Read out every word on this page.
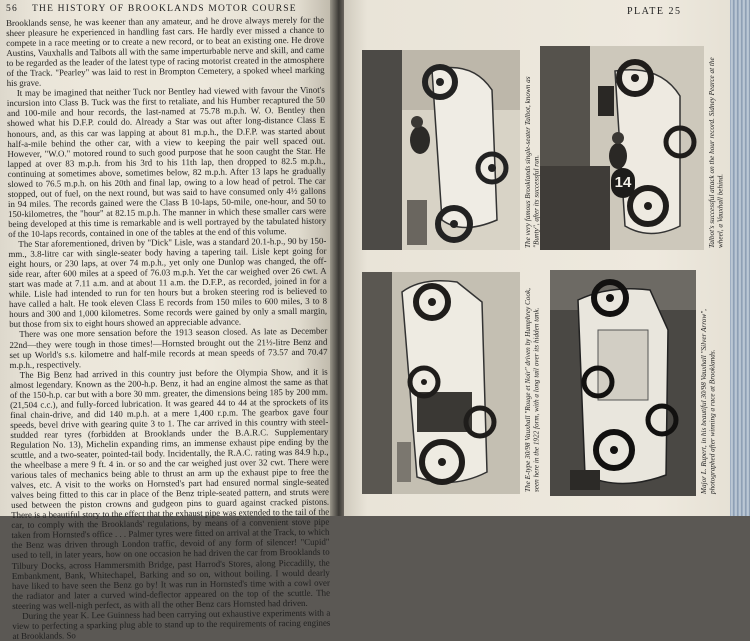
56 THE HISTORY OF BROOKLANDS MOTOR COURSE

Brooklands sense, he was keener than any amateur, and he drove always merely for the sheer pleasure he experienced in handling fast cars. He hardly ever missed a chance to compete in a race meeting or to create a new record, or to beat an existing one. He drove Austins, Vauxhalls and Talbots all with the same imperturbable nerve and skill, and came to be regarded as the leader of the latest type of racing motorist created in the atmosphere of the Track. "Pearley" was laid to rest in Brompton Cemetery, a spoked wheel marking his grave.

It may be imagined that neither Tuck nor Bentley had viewed with favour the Vinot's incursion into Class B. Tuck was the first to retaliate, and his Humber recaptured the 50 and 100-mile and hour records, the last-named at 75.78 m.p.h. W. O. Bentley then showed what his D.F.P. could do. Already a Star was out after long-distance Class E honours, and, as this car was lapping at about 81 m.p.h., the D.F.P. was started about half-a-mile behind the other car, with a view to keeping the pair well spaced out. However, "W.O." motored round to such good purpose that he soon caught the Star. He lapped at over 83 m.p.h. from his 3rd to his 11th lap, then dropped to 82.5 m.p.h., continuing at sometimes above, sometimes below, 82 m.p.h. After 13 laps he gradually slowed to 76.5 m.p.h. on his 20th and final lap, owing to a low head of petrol. The car stopped, out of fuel, on the next round, but was said to have consumed only 4½ gallons in 94 miles. The records gained were the Class B 10-laps, 50-mile, one-hour, and 50 to 150-kilometres, the "hour" at 82.15 m.p.h. The manner in which these smaller cars were being developed at this time is remarkable and is well portrayed by the tabulated history of the 10-laps records, contained in one of the tables at the end of this volume.

The Star aforementioned, driven by "Dick" Lisle, was a standard 20.1-h.p., 90 by 150-mm., 3.8-litre car with single-seater body having a tapering tail. Lisle kept going for eight hours, or 230 laps, at over 74 m.p.h., yet only one Dunlop was changed, the off-side rear, after 600 miles at a speed of 76.03 m.p.h. Yet the car weighed over 26 cwt. A start was made at 7.11 a.m. and at about 11 a.m. the D.F.P., as recorded, joined in for a while. Lisle had intended to run for ten hours but a broken steering rod is believed to have called a halt. He took eleven Class E records from 150 miles to 600 miles, 3 to 8 hours and 300 and 1,000 kilometres. Some records were gained by only a small margin, but those from six to eight hours showed an appreciable advance.

There was one more sensation before the 1913 season closed. As late as December 22nd—they were tough in those times!—Hornsted brought out the 21½-litre Benz and set up World's s.s. kilometre and half-mile records at mean speeds of 73.57 and 70.47 m.p.h., respectively.

The Big Benz had arrived in this country just before the Olympia Show, and it is almost legendary. Known as the 200-h.p. Benz, it had an engine almost the same as that of the 150-h.p. car but with a bore 30 mm. greater, the dimensions being 185 by 200 mm. (21,504 c.c.), and fully-forced lubrication. It was geared 44 to 44 at the sprockets of its final chain-drive, and did 140 m.p.h. at a mere 1,400 r.p.m. The gearbox gave four speeds, bevel drive with gearing quite 3 to 1. The car arrived in this country with steel-studded rear tyres (forbidden at Brooklands under the B.A.R.C. Supplementary Regulation No. 13), Michelin expanding rims, an immense exhaust pipe ending by the scuttle, and a two-seater, pointed-tail body. Incidentally, the R.A.C. rating was 84.9 h.p., the wheelbase a mere 9 ft. 4 in. or so and the car weighed just over 32 cwt. There were various tales of mechanics being able to thrust an arm up the exhaust pipe to free the valves, etc. A visit to the works on Hornsted's part had ensured normal single-seated valves being fitted to this car in place of the Benz triple-seated pattern, and struts were used between the piston crowns and gudgeon pins to guard against cracked pistons. There is a beautiful story to the effect that the exhaust pipe was extended to the tail of the car, to comply with the Brooklands' regulations, by means of a convenient stove pipe taken from Hornsted's office . . . Palmer tyres were fitted on arrival at the Track, to which the Benz was driven through London traffic, devoid of any form of silencer! "Cupid" used to tell, in later years, how on one occasion he had driven the car from Brooklands to Tilbury Docks, across Hammersmith Bridge, past Harrod's Stores, along Piccadilly, the Embankment, Bank, Whitechapel, Barking and so on, without boiling. I would dearly have liked to have seen the Benz go by! It was run in Hornsted's time with a cowl over the radiator and later a curved wind-deflector appeared on the top of the scuttle. The steering was well-nigh perfect, as with all the other Benz cars Hornsted had driven.

During the year K. Lee Guinness had been carrying out exhaustive experiments with a view to perfecting a sparking plug able to stand up to the requirements of racing engines at Brooklands. So

PLATE 25
The very famous Brooklands single-seater Talbot, known as "Bunty", after its successful run.	14	Talbot's successful attack on the hour record. Sidney Pearce at the wheel, a Vauxhall behind.
The E-type 30/98 Vauxhall "Rouge et Noir" driven by Humphrey Cook, seen here in the 1922 form, with a long tail over its hidden tank.	Major L. Rupert, in his beautiful 30/98 Vauxhall "Silver Arrow", photographed after winning a race at Brooklands.
